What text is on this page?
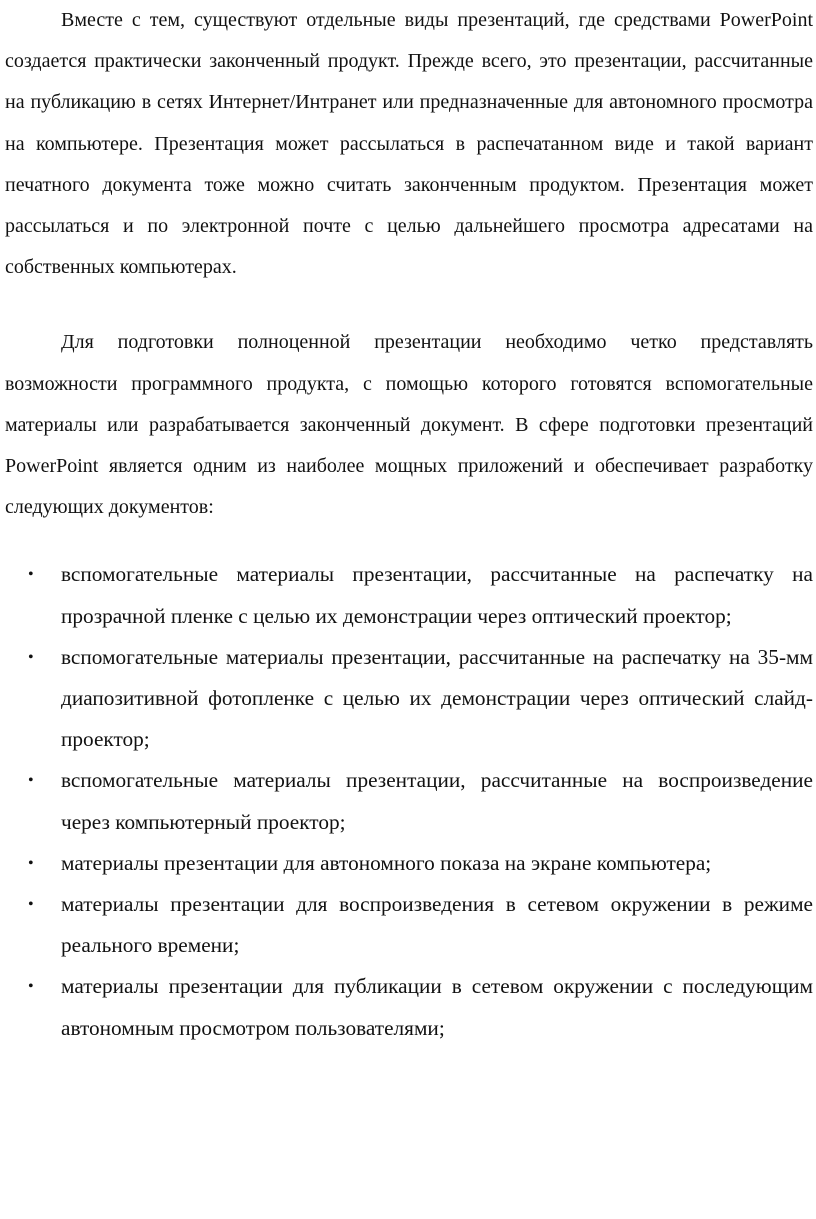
Вместе с тем, существуют отдельные виды презентаций, где средствами PowerPoint создается практически законченный продукт. Прежде всего, это презентации, рассчитанные на публикацию в сетях Интернет/Интранет или предназначенные для автономного просмотра на компьютере. Презентация может рассылаться в распечатанном виде и такой вариант печатного документа тоже можно считать законченным продуктом. Презентация может рассылаться и по электронной почте с целью дальнейшего просмотра адресатами на собственных компьютерах.

Для подготовки полноценной презентации необходимо четко представлять возможности программного продукта, с помощью которого готовятся вспомогательные материалы или разрабатывается законченный документ. В сфере подготовки презентаций PowerPoint является одним из наиболее мощных приложений и обеспечивает разработку следующих документов:

• вспомогательные материалы презентации, рассчитанные на распечатку на прозрачной пленке с целью их демонстрации через оптический проектор;
• вспомогательные материалы презентации, рассчитанные на распечатку на 35-мм диапозитивной фотопленке с целью их демонстрации через оптический слайд-проектор;
• вспомогательные материалы презентации, рассчитанные на воспроизведение через компьютерный проектор;
• материалы презентации для автономного показа на экране компьютера;
• материалы презентации для воспроизведения в сетевом окружении в режиме реального времени;
• материалы презентации для публикации в сетевом окружении с последующим автономным просмотром пользователями;
